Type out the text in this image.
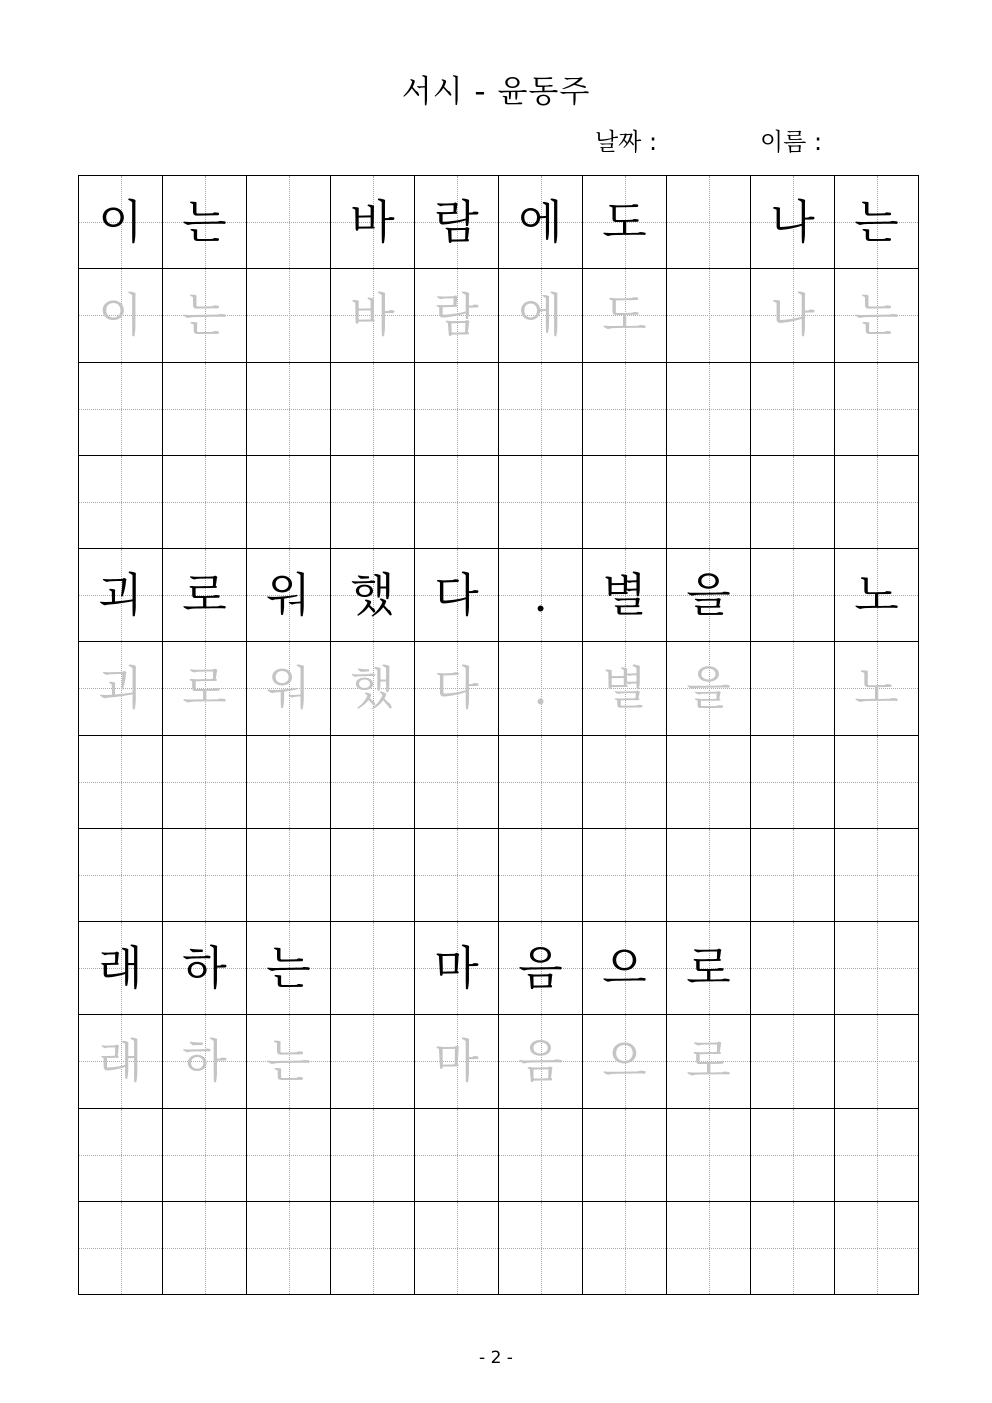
서시 - 윤동주
날짜 :	이름 :
이	는		바	람	에	도		나	는
이	는		바	람	에	도		나	는

괴	로	워	했	다	.	별	을		노
괴	로	워	했	다	.	별	을		노

래	하	는		마	음	으	로		
래	하	는		마	음	으	로		

- 2 -
